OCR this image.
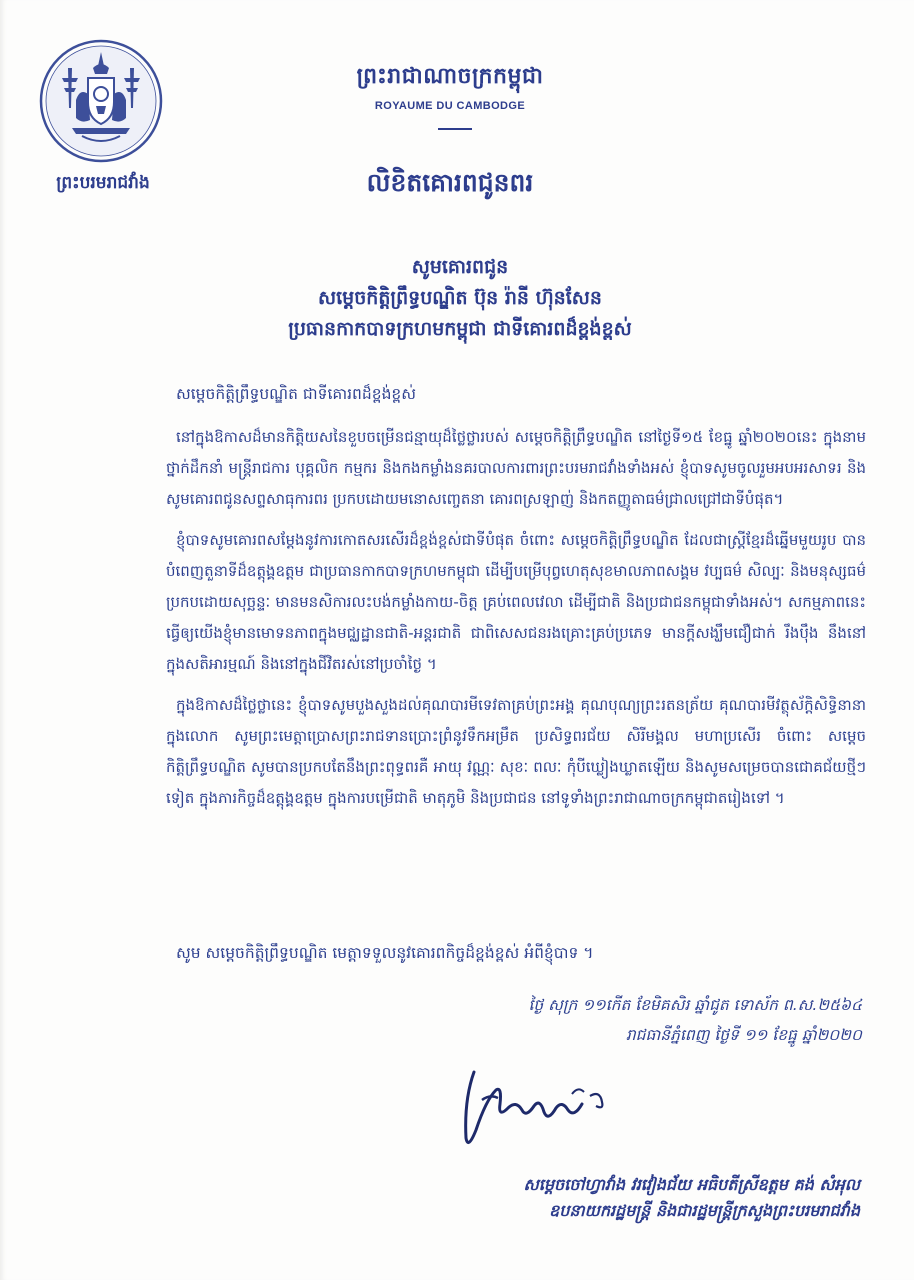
ព្រះបរមរាជវាំង
ព្រះរាជាណាចក្រកម្ពុជា
ROYAUME DU CAMBODGE
លិខិតគោរពជូនពរ
សូមគោរពជូន
សម្តេចកិត្តិព្រឹទ្ធបណ្ឌិត ប៊ុន រ៉ានី ហ៊ុនសែន
ប្រធានកាកបាទក្រហមកម្ពុជា ជាទីគោរពដ៏ខ្ពង់ខ្ពស់
សម្តេចកិត្តិព្រឹទ្ធបណ្ឌិត ជាទីគោរពដ៏ខ្ពង់ខ្ពស់

នៅក្នុងឱកាសដ៏មានកិត្តិយសនៃខួបចម្រើនជន្មាយុដ៏ថ្លៃថ្លារបស់ សម្តេចកិត្តិព្រឹទ្ធបណ្ឌិត នៅថ្ងៃទី១៥ ខែធ្នូ ឆ្នាំ២០២០នេះ ក្នុងនាមថ្នាក់ដឹកនាំ មន្ត្រីរាជការ បុគ្គលិក កម្មករ និងកងកម្លាំងនគរបាលការពារព្រះបរមរាជវាំងទាំងអស់ ខ្ញុំបាទសូមចូលរួមអបអរសាទរ និងសូមគោរពជូនសព្ទសាធុការពរ ប្រកបដោយមនោសញ្ចេតនា គោរពស្រឡាញ់ និងកតញ្ញូតាធម៌ជ្រាលជ្រៅជាទីបំផុត។

ខ្ញុំបាទសូមគោរពសម្តែងនូវការកោតសរសើរដ៏ខ្ពង់ខ្ពស់ជាទីបំផុត ចំពោះ សម្តេចកិត្តិព្រឹទ្ធបណ្ឌិត ដែលជាស្ត្រីខ្មែរដ៏ឆ្នើមមួយរូប បានបំពេញតួនាទីដ៏ឧត្តុង្គឧត្តម ជាប្រធានកាកបាទក្រហមកម្ពុជា ដើម្បីបម្រើបុព្វហេតុសុខមាលភាពសង្គម វប្បធម៌ សិល្បៈ និងមនុស្សធម៌ប្រកបដោយសុច្ឆន្ទៈ មានមនសិការលះបង់កម្លាំងកាយ-ចិត្ត គ្រប់ពេលវេលា ដើម្បីជាតិ និងប្រជាជនកម្ពុជាទាំងអស់។ សកម្មភាពនេះធ្វើឲ្យយើងខ្ញុំមានមោទនភាពក្នុងមជ្ឈដ្ឋានជាតិ-អន្តរជាតិ ជាពិសេសជនរងគ្រោះគ្រប់ប្រភេទ មានក្តីសង្ឃឹមជឿជាក់ រឹងប៉ឹង នឹងនៅក្នុងសតិអារម្មណ៍ និងនៅក្នុងជីវិតរស់នៅប្រចាំថ្ងៃ ។

ក្នុងឱកាសដ៏ថ្លៃថ្លានេះ ខ្ញុំបាទសូមបួងសួងដល់គុណបារមីទេវតាគ្រប់ព្រះអង្គ គុណបុណ្យព្រះរតនត្រ័យ គុណបារមីវត្ថុស័ក្តិសិទ្ធិនានាក្នុងលោក សូមព្រះមេត្តាប្រោសព្រះរាជទានប្រោះព្រំនូវទឹកអម្រឹត ប្រសិទ្ធពរជ័យ សិរីមង្គល មហាប្រសើរ ចំពោះ សម្តេចកិត្តិព្រឹទ្ធបណ្ឌិត សូមបានប្រកបតែនឹងព្រះពុទ្ធពរគឺ អាយុ វណ្ណៈ សុខៈ ពលៈ កុំបីឃ្លៀងឃ្លាតឡើយ និងសូមសម្រេចបានជោគជ័យថ្មីៗទៀត ក្នុងភារកិច្ចដ៏ឧត្តុង្គឧត្តម ក្នុងការបម្រើជាតិ មាតុភូមិ និងប្រជាជន នៅទូទាំងព្រះរាជាណាចក្រកម្ពុជាតរៀងទៅ ។

សូម សម្តេចកិត្តិព្រឹទ្ធបណ្ឌិត មេត្តាទទួលនូវគោរពកិច្ចដ៏ខ្ពង់ខ្ពស់ អំពីខ្ញុំបាទ ។
ថ្ងៃ សុក្រ ១១កើត ខែមិគសិរ ឆ្នាំជូត ទោស័ក ព.ស.២៥៦៤
រាជធានីភ្នំពេញ ថ្ងៃទី ១១ ខែធ្នូ ឆ្នាំ២០២០
សម្តេចចៅហ្វាវាំង វរវៀងជ័យ អធិបតីស្រីឧត្តម គង់ សំអុល
ឧបនាយករដ្ឋមន្ត្រី និងជារដ្ឋមន្ត្រីក្រសួងព្រះបរមរាជវាំង
